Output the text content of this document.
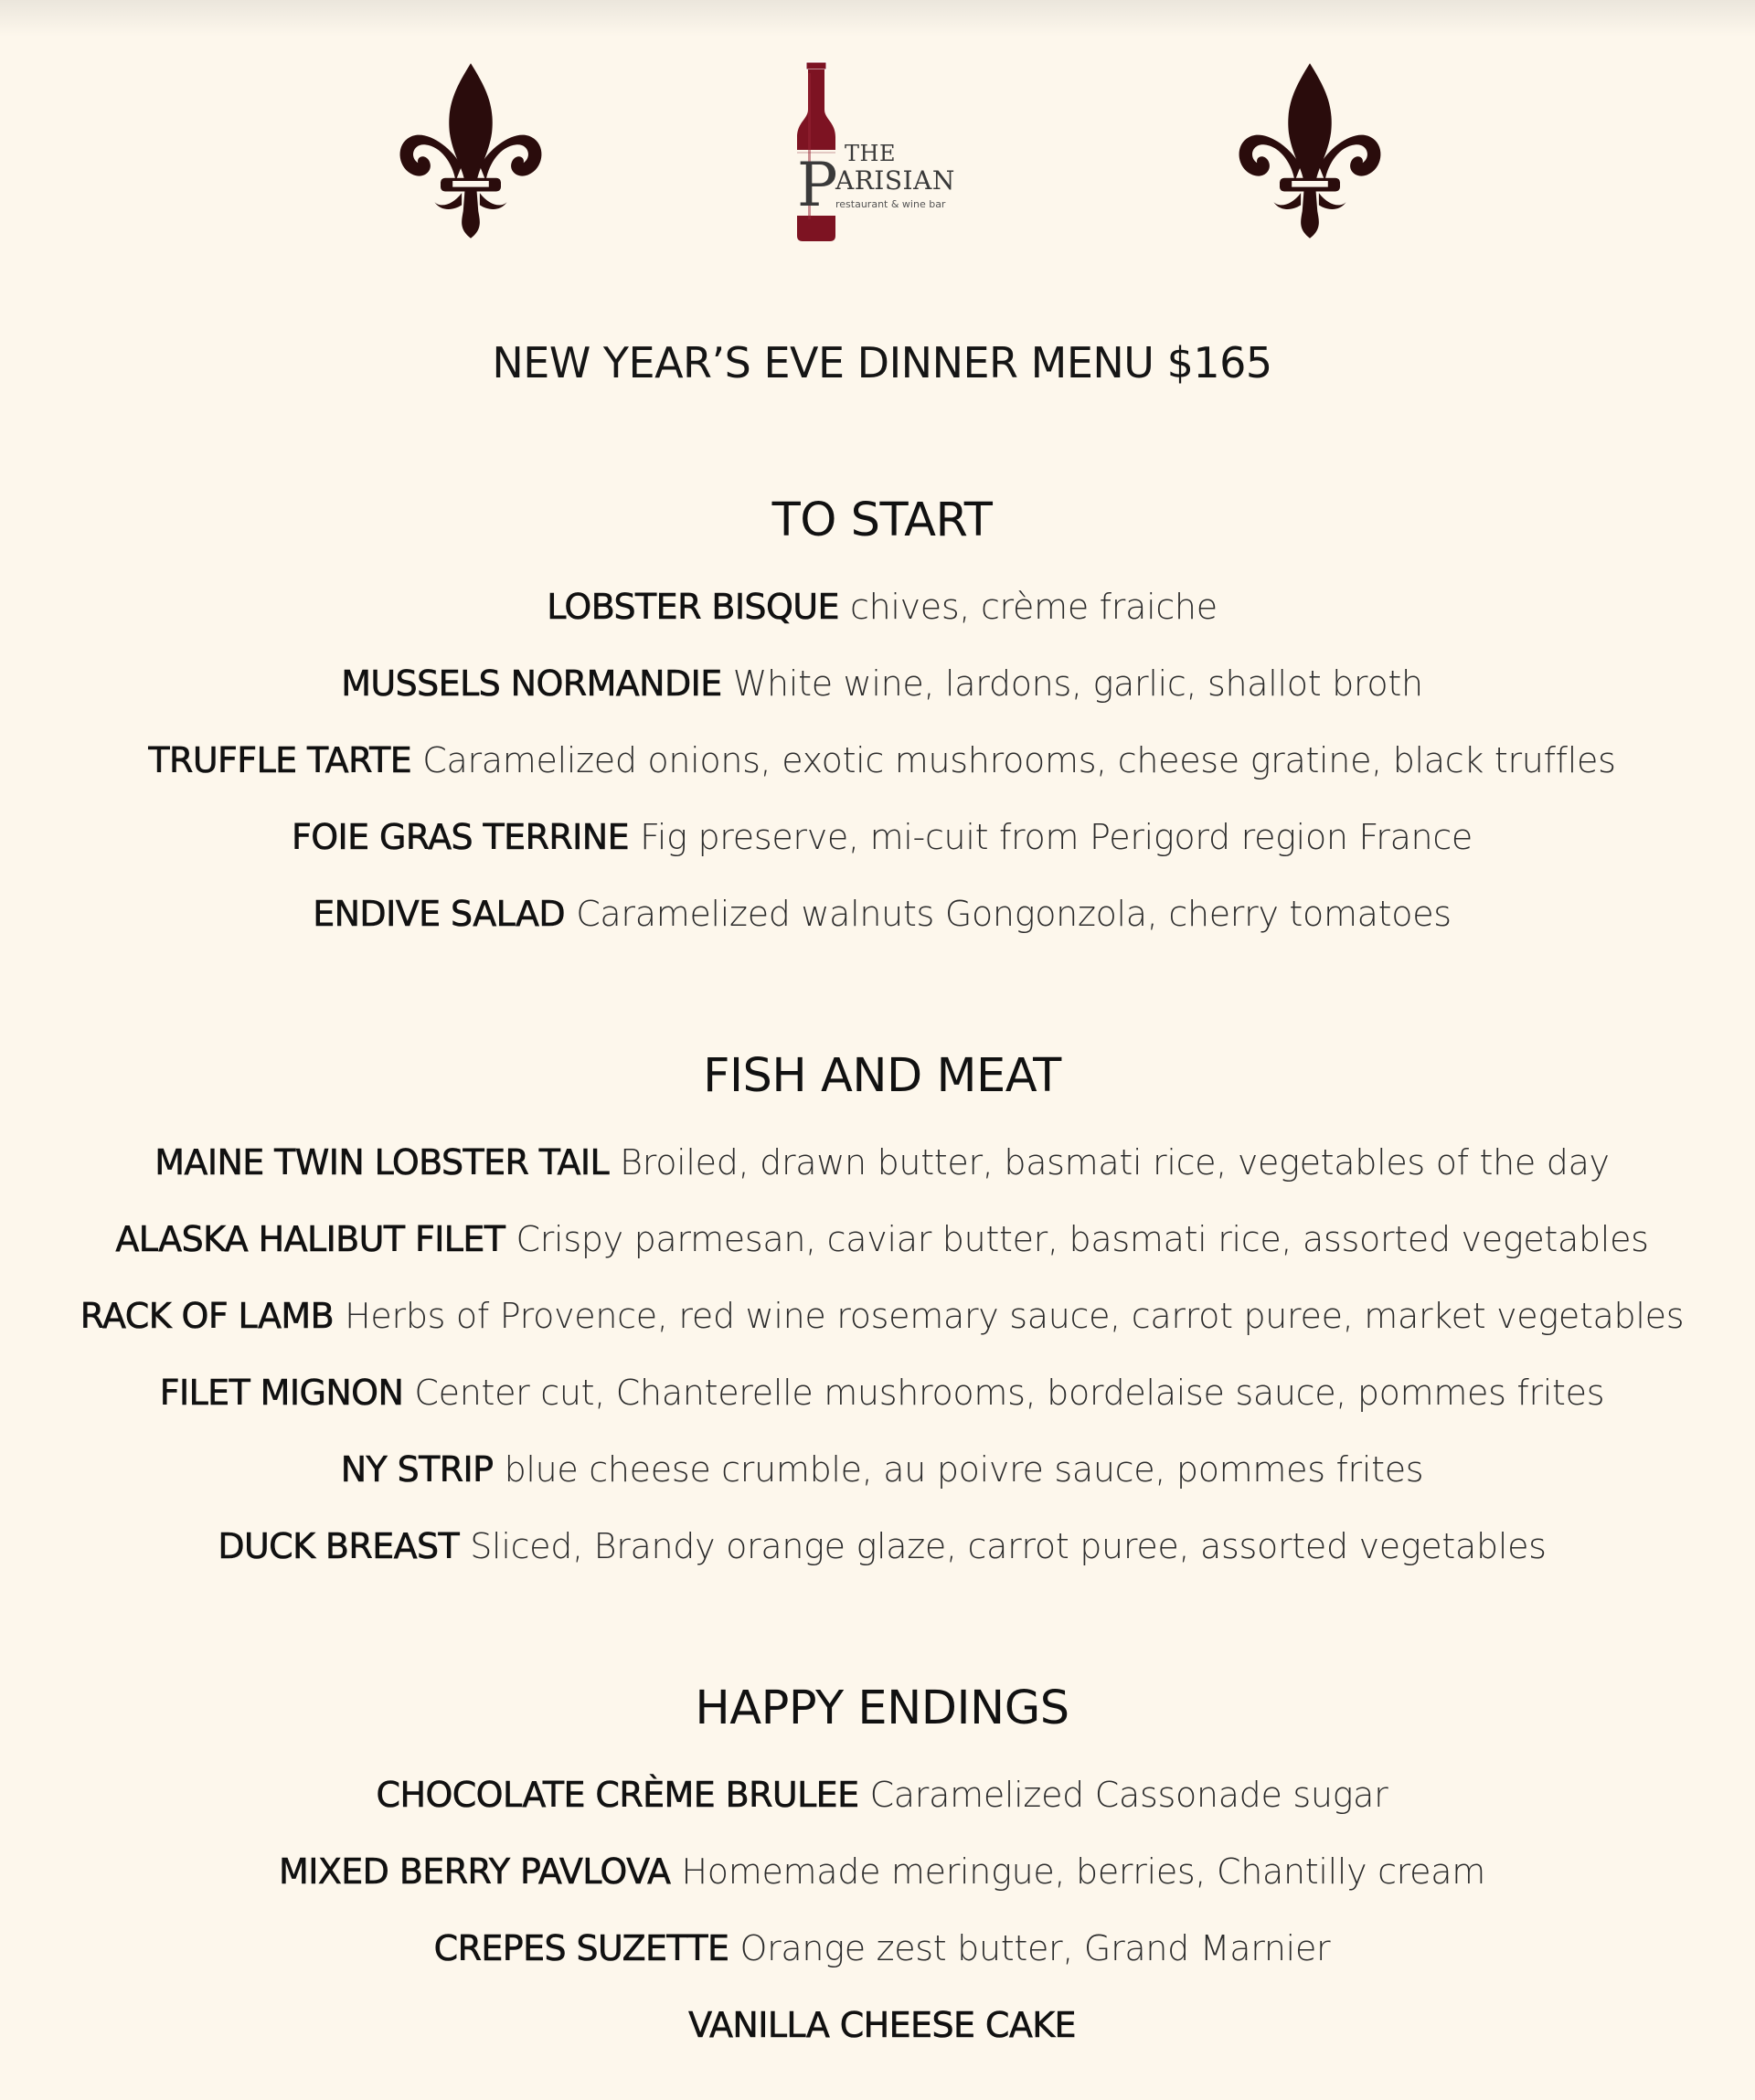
THE
P
ARISIAN
restaurant & wine bar
NEW YEAR’S EVE DINNER MENU $165
TO START
LOBSTER BISQUE chives, crème fraiche
MUSSELS NORMANDIE White wine, lardons, garlic, shallot broth
TRUFFLE TARTE Caramelized onions, exotic mushrooms, cheese gratine, black truffles
FOIE GRAS TERRINE Fig preserve, mi-cuit from Perigord region France
ENDIVE SALAD Caramelized walnuts Gongonzola, cherry tomatoes
FISH AND MEAT
MAINE TWIN LOBSTER TAIL Broiled, drawn butter, basmati rice, vegetables of the day
ALASKA HALIBUT FILET Crispy parmesan, caviar butter, basmati rice, assorted vegetables
RACK OF LAMB Herbs of Provence, red wine rosemary sauce, carrot puree, market vegetables
FILET MIGNON Center cut, Chanterelle mushrooms, bordelaise sauce, pommes frites
NY STRIP blue cheese crumble, au poivre sauce, pommes frites
DUCK BREAST Sliced, Brandy orange glaze, carrot puree, assorted vegetables
HAPPY ENDINGS
CHOCOLATE CRÈME BRULEE Caramelized Cassonade sugar
MIXED BERRY PAVLOVA Homemade meringue, berries, Chantilly cream
CREPES SUZETTE Orange zest butter, Grand Marnier
VANILLA CHEESE CAKE
